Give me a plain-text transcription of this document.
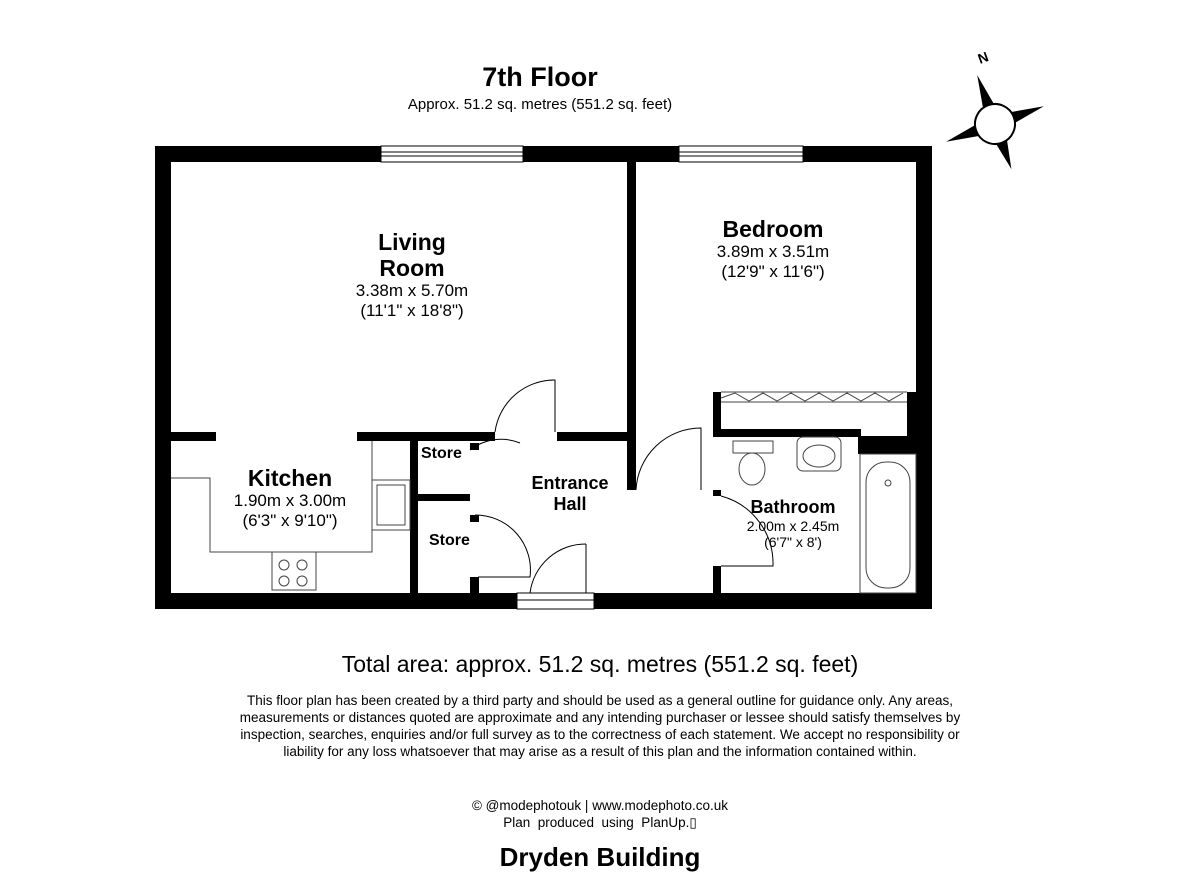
7th Floor
Approx. 51.2 sq. metres (551.2 sq. feet)
N
Living
Room
3.38m x 5.70m
(11'1" x 18'8")
Bedroom
3.89m x 3.51m
(12'9" x 11'6")
Kitchen
1.90m x 3.00m
(6'3" x 9'10")
Store
Store
Entrance
Hall	Bathroom
2.00m x 2.45m
(6'7" x 8')
Total area: approx. 51.2 sq. metres (551.2 sq. feet)
This floor plan has been created by a third party and should be used as a general outline for guidance only. Any areas, measurements or distances quoted are approximate and any intending purchaser or lessee should satisfy themselves by inspection, searches, enquiries and/or full survey as to the correctness of each statement. We accept no responsibility or liability for any loss whatsoever that may arise as a result of this plan and the information contained within.
© @modephotouk | www.modephoto.co.uk
Plan  produced  using  PlanUp.▯
Dryden Building
